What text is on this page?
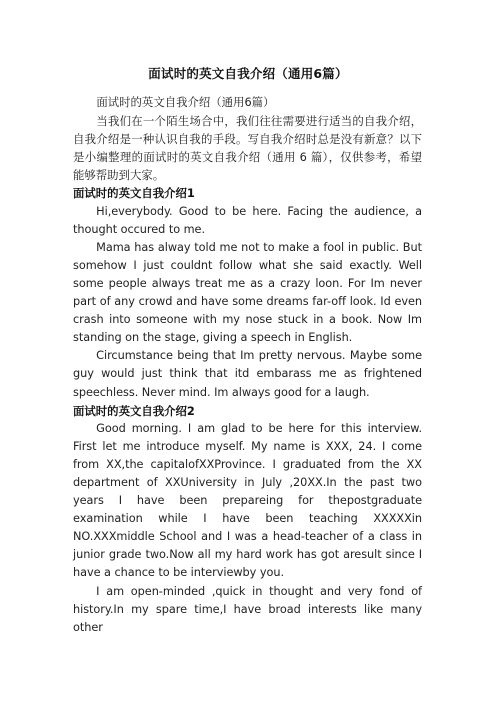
面试时的英文自我介绍（通用6篇）

面试时的英文自我介绍（通用6篇）

当我们在一个陌生场合中，我们往往需要进行适当的自我介绍，自我介绍是一种认识自我的手段。写自我介绍时总是没有新意？以下是小编整理的面试时的英文自我介绍（通用 6 篇），仅供参考，希望能够帮助到大家。

面试时的英文自我介绍1

Hi,everybody. Good to be here. Facing the audience, a thought occured to me.

Mama has alway told me not to make a fool in public. But somehow I just couldnt follow what she said exactly. Well some people always treat me as a crazy loon. For Im never part of any crowd and have some dreams far-off look. Id even crash into someone with my nose stuck in a book. Now Im standing on the stage, giving a speech in English.

Circumstance being that Im pretty nervous. Maybe some guy would just think that itd embarass me as frightened speechless. Never mind. Im always good for a laugh.

面试时的英文自我介绍2

Good morning. I am glad to be here for this interview. First let me introduce myself. My name is XXX, 24. I come from XX,the capitalofXXProvince. I graduated from the XX department of XXUniversity in July ,20XX.In the past two years I have been prepareing for thepostgraduate examination while I have been teaching XXXXXin NO.XXXmiddle School and I was a head-teacher of a class in junior grade two.Now all my hard work has got aresult since I have a chance to be interviewby you.

I am open-minded ,quick in thought and very fond of history.In my spare time,I have broad interests like many other
